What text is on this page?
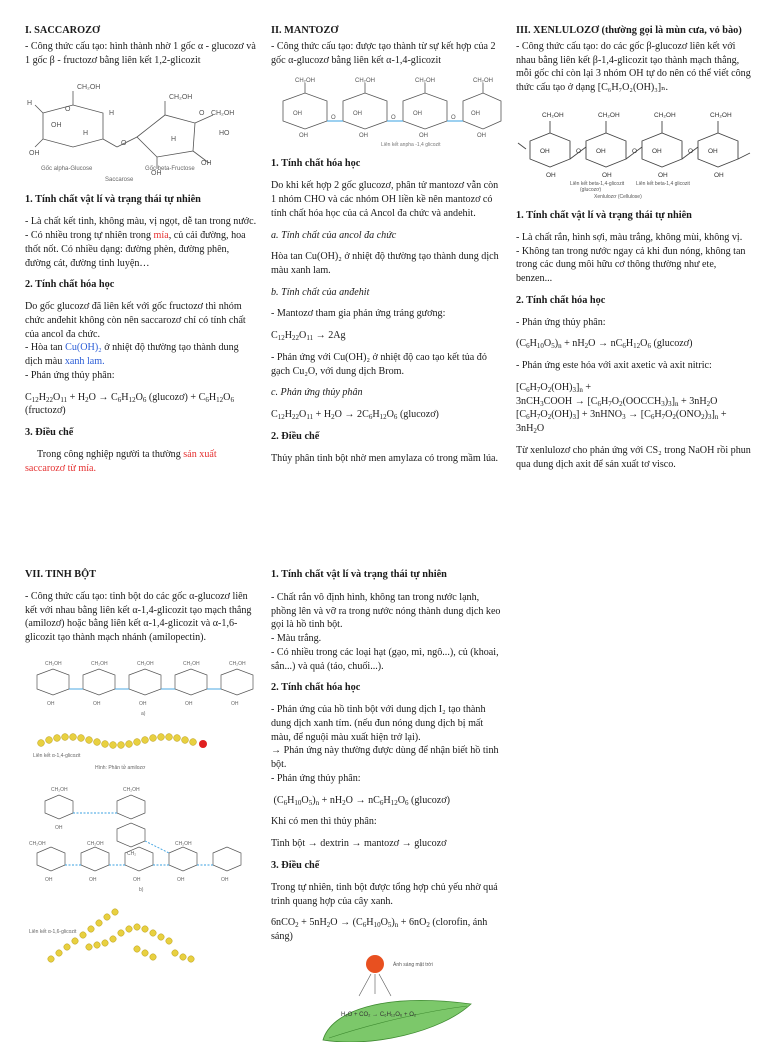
I. SACCAROZƠ

- Công thức cấu tạo: hình thành nhờ 1 gốc α - glucozơ và 1 gốc β - fructozơ bằng liên kết 1,2-glicozit

CH₂OH
O
H
OH
OH
H
H
O
CH₂OH
O CH₂OH
H
OH
OH
HO
Gốc alpha-Glucose	Gốc beta-Fructose
Saccarose
1. Tính chất vật lí và trạng thái tự nhiên

- Là chất kết tinh, không màu, vị ngọt, dễ tan trong nước.

- Có nhiều trong tự nhiên trong mía, củ cải đường, hoa thốt nốt. Có nhiều dạng: đường phèn, đường phên, đường cát, đường tinh luyện…

2. Tính chất hóa học

Do gốc glucozơ đã liên kết với gốc fructozơ thì nhóm chức anđehit không còn nên saccarozơ chỉ có tính chất của ancol đa chức.

- Hòa tan Cu(OH)₂ ở nhiệt độ thường tạo thành dung dịch màu xanh lam.

- Phản ứng thủy phân:

$C_{12}H_{22}O_{11} + H_2O \to C_6H_{12}O_6$ (glucozơ) + $C_6H_{12}O_6$ (fructozơ)

3. Điều chế

Trong công nghiệp người ta thường sản xuất saccarozơ từ mía.

II. MANTOZƠ

- Công thức cấu tạo: được tạo thành từ sự kết hợp của 2 gốc α-glucozơ bằng liên kết α-1,4-glicozit

CH₂OH	CH₂OH	CH₂OH	CH₂OH
OH	OH	OH	OH
OH	OH	OH	OH
O	O	O
Liên kết anpha -1,4 glicozit
1. Tính chất hóa học

Do khi kết hợp 2 gốc glucozơ, phân tử mantozơ vẫn còn 1 nhóm CHO và các nhóm OH liền kề nên mantozơ có tính chất hóa học của cả Ancol đa chức và andehit.

a. Tính chất của ancol đa chức

Hòa tan Cu(OH)₂ ở nhiệt độ thường tạo thành dung dịch màu xanh lam.

b. Tính chất của anđehit

- Mantozơ tham gia phản ứng tráng gương:

$C_{12}H_{22}O_{11} \to 2Ag$

- Phản ứng với Cu(OH)₂ ở nhiệt độ cao tạo kết tủa đỏ gạch Cu₂O, với dung dịch Brom.

c. Phản ứng thủy phân

$C_{12}H_{22}O_{11} + H_2O \to 2C_6H_{12}O_6$ (glucozơ)

2. Điều chế

Thủy phân tinh bột nhờ men amylaza có trong mầm lúa.

III. XENLULOZƠ (thường gọi là mùn cưa, vỏ bào)

- Công thức cấu tạo: do các gốc β-glucozơ liên kết với nhau bằng liên kết β-1,4-glicozit tạo thành mạch thẳng, mỗi gốc chỉ còn lại 3 nhóm OH tự do nên có thể viết công thức cấu tạo ở dạng [C₆H₇O₂(OH)₃]ₙ.

CH₂OH	CH₂OH	CH₂OH	CH₂OH
OH	OH	OH	OH
OH	OH	OH	OH
O	O	O
Liên kết beta-1,4-glicozit
(glucozơ)
Liên kết beta-1,4 glicozit
Xenlulozơ (Cellulose)
1. Tính chất vật lí và trạng thái tự nhiên

- Là chất rắn, hình sợi, màu trắng, không mùi, không vị.

- Không tan trong nước ngay cả khi đun nóng, không tan trong các dung môi hữu cơ thông thường như ete, benzen...

2. Tính chất hóa học

- Phản ứng thủy phân:

$(C_6H_{10}O_5)_n + nH_2O \to nC_6H_{12}O_6$ (glucozơ)

- Phản ứng este hóa với axit axetic và axit nitric:

$[C_6H_7O_2(OH)_3]_n$ +
3nCH$_3$COOH → $[C_6H_7O_2(OOCCH_3)_3]_n + 3nH_2O$
$[C_6H_7O_2(OH)_3]$ + 3nHNO$_3$ → $[C_6H_7O_2(ONO_2)_3]_n + 3nH_2O$

Từ xenlulozơ cho phản ứng với CS₂ trong NaOH rồi phun qua dung dịch axit để sản xuất tơ visco.

VII. TINH BỘT

- Công thức cấu tạo: tinh bột do các gốc α-glucozơ liên kết với nhau bằng liên kết α-1,4-glicozit tạo mạch thẳng (amilozơ) hoặc bằng liên kết α-1,4-glicozit và α-1,6-glicozit tạo thành mạch nhánh (amilopectin).

CH₂OH	CH₂OH	CH₂OH	CH₂OH	CH₂OH
OH	OH	OH	OH	OH
a)
Liên kết α-1,4-glicozit
Hình: Phân tử amilozơ
CH₂OH	CH₂OH
CH₂OH	CH₂OH	CH₂OH
OH
CH₂
OH	OH	OH	OH	OH
b)
Liên kết α-1,6-glicozit
1. Tính chất vật lí và trạng thái tự nhiên

- Chất rắn vô định hình, không tan trong nước lạnh, phồng lên và vỡ ra trong nước nóng thành dung dịch keo gọi là hồ tinh bột.

- Màu trắng.

- Có nhiều trong các loại hạt (gạo, mì, ngô...), củ (khoai, sắn...) và quả (táo, chuối...).

2. Tính chất hóa học

- Phản ứng của hồ tinh bột với dung dịch I₂ tạo thành dung dịch xanh tím. (nếu đun nóng dung dịch bị mất màu, để nguội màu xuất hiện trở lại).

→ Phản ứng này thường được dùng để nhận biết hồ tinh bột.

- Phản ứng thủy phân:

$(C_6H_{10}O_5)_n + nH_2O \to nC_6H_{12}O_6$ (glucozơ)

Khi có men thì thủy phân:

Tinh bột → dextrin → mantozơ → glucozơ

3. Điều chế

Trong tự nhiên, tinh bột được tổng hợp chủ yếu nhờ quá trình quang hợp của cây xanh.

$6nCO_2 + 5nH_2O \to (C_6H_{10}O_5)_n + 6nO_2$ (clorofin, ánh sáng)

Ánh sáng mặt trời
H₂O + CO₂ → C₆H₁₂O₆ + O₂
